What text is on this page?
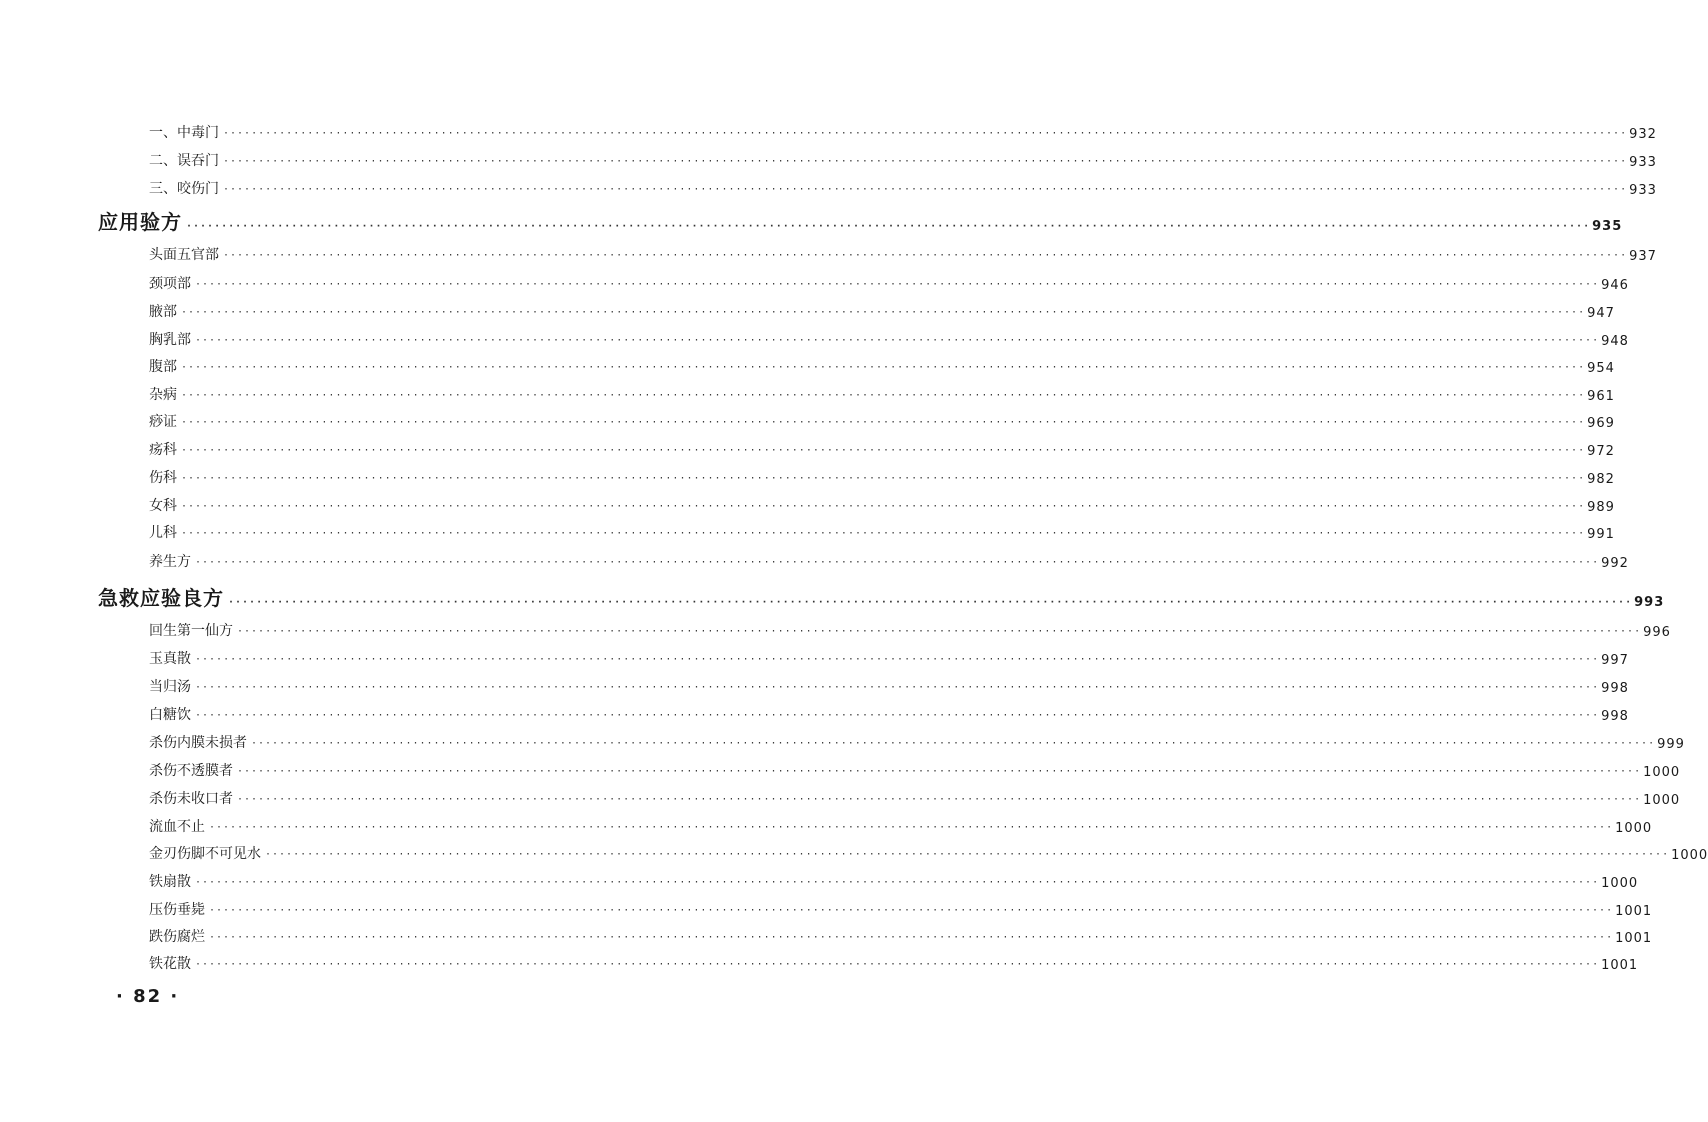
一、中毒门 ········································································································································································································ 932
二、误吞门 ········································································································································································································ 933
三、咬伤门 ········································································································································································································ 933
应用验方 ········································································································································································································ 935
头面五官部 ········································································································································································································ 937
颈项部 ········································································································································································································ 946
腋部 ········································································································································································································ 947
胸乳部 ········································································································································································································ 948
腹部 ········································································································································································································ 954
杂病 ········································································································································································································ 961
痧证 ········································································································································································································ 969
疡科 ········································································································································································································ 972
伤科 ········································································································································································································ 982
女科 ········································································································································································································ 989
儿科 ········································································································································································································ 991
养生方 ········································································································································································································ 992
急救应验良方 ········································································································································································································ 993
回生第一仙方 ········································································································································································································ 996
玉真散 ········································································································································································································ 997
当归汤 ········································································································································································································ 998
白糖饮 ········································································································································································································ 998
杀伤内膜未损者 ········································································································································································································ 999
杀伤不透膜者 ········································································································································································································ 1000
杀伤未收口者 ········································································································································································································ 1000
流血不止 ········································································································································································································ 1000
金刃伤脚不可见水 ········································································································································································································ 1000
铁扇散 ········································································································································································································ 1000
压伤垂毙 ········································································································································································································ 1001
跌伤腐烂 ········································································································································································································ 1001
铁花散 ········································································································································································································ 1001
· 82 ·
